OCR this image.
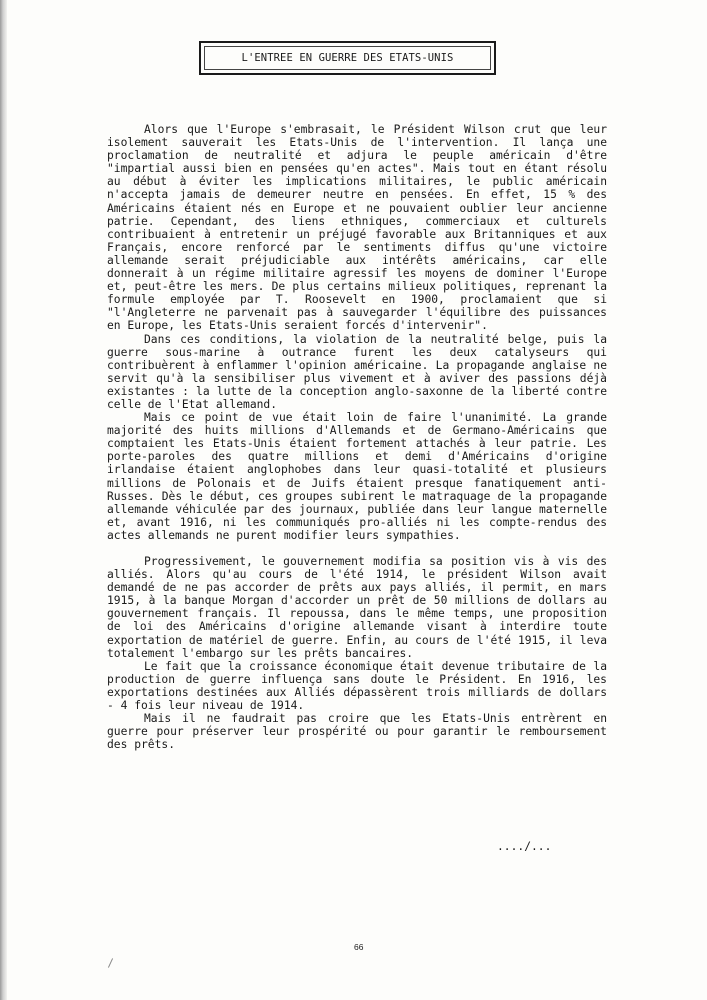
L'ENTREE EN GUERRE DES ETATS-UNIS

Alors que l'Europe s'embrasait, le Président Wilson crut que leur isolement sauverait les Etats-Unis de l'intervention. Il lança une proclamation de neutralité et adjura le peuple américain d'être "impartial aussi bien en pensées qu'en actes". Mais tout en étant résolu au début à éviter les implications militaires, le public américain n'accepta jamais de demeurer neutre en pensées. En effet, 15 % des Américains étaient nés en Europe et ne pouvaient oublier leur ancienne patrie. Cependant, des liens ethniques, commerciaux et culturels contribuaient à entretenir un préjugé favorable aux Britanniques et aux Français, encore renforcé par le sentiments diffus qu'une victoire allemande serait préjudiciable aux intérêts américains, car elle donnerait à un régime militaire agressif les moyens de dominer l'Europe et, peut-être les mers. De plus certains milieux politiques, reprenant la formule employée par T. Roosevelt en 1900, proclamaient que si "l'Angleterre ne parvenait pas à sauvegarder l'équilibre des puissances en Europe, les Etats-Unis seraient forcés d'intervenir".

Dans ces conditions, la violation de la neutralité belge, puis la guerre sous-marine à outrance furent les deux catalyseurs qui contribuèrent à enflammer l'opinion américaine. La propagande anglaise ne servit qu'à la sensibiliser plus vivement et à aviver des passions déjà existantes : la lutte de la conception anglo-saxonne de la liberté contre celle de l'Etat allemand.

Mais ce point de vue était loin de faire l'unanimité. La grande majorité des huits millions d'Allemands et de Germano-Américains que comptaient les Etats-Unis étaient fortement attachés à leur patrie. Les porte-paroles des quatre millions et demi d'Américains d'origine irlandaise étaient anglophobes dans leur quasi-totalité et plusieurs millions de Polonais et de Juifs étaient presque fanatiquement anti-Russes. Dès le début, ces groupes subirent le matraquage de la propagande allemande véhiculée par des journaux, publiée dans leur langue maternelle et, avant 1916, ni les communiqués pro-alliés ni les compte-rendus des actes allemands ne purent modifier leurs sympathies.

Progressivement, le gouvernement modifia sa position vis à vis des alliés. Alors qu'au cours de l'été 1914, le président Wilson avait demandé de ne pas accorder de prêts aux pays alliés, il permit, en mars 1915, à la banque Morgan d'accorder un prêt de 50 millions de dollars au gouvernement français. Il repoussa, dans le même temps, une proposition de loi des Américains d'origine allemande visant à interdire toute exportation de matériel de guerre. Enfin, au cours de l'été 1915, il leva totalement l'embargo sur les prêts bancaires.

Le fait que la croissance économique était devenue tributaire de la production de guerre influença sans doute le Président. En 1916, les exportations destinées aux Alliés dépassèrent trois milliards de dollars - 4 fois leur niveau de 1914.

Mais il ne faudrait pas croire que les Etats-Unis entrèrent en guerre pour préserver leur prospérité ou pour garantir le remboursement des prêts.

..../...
66
